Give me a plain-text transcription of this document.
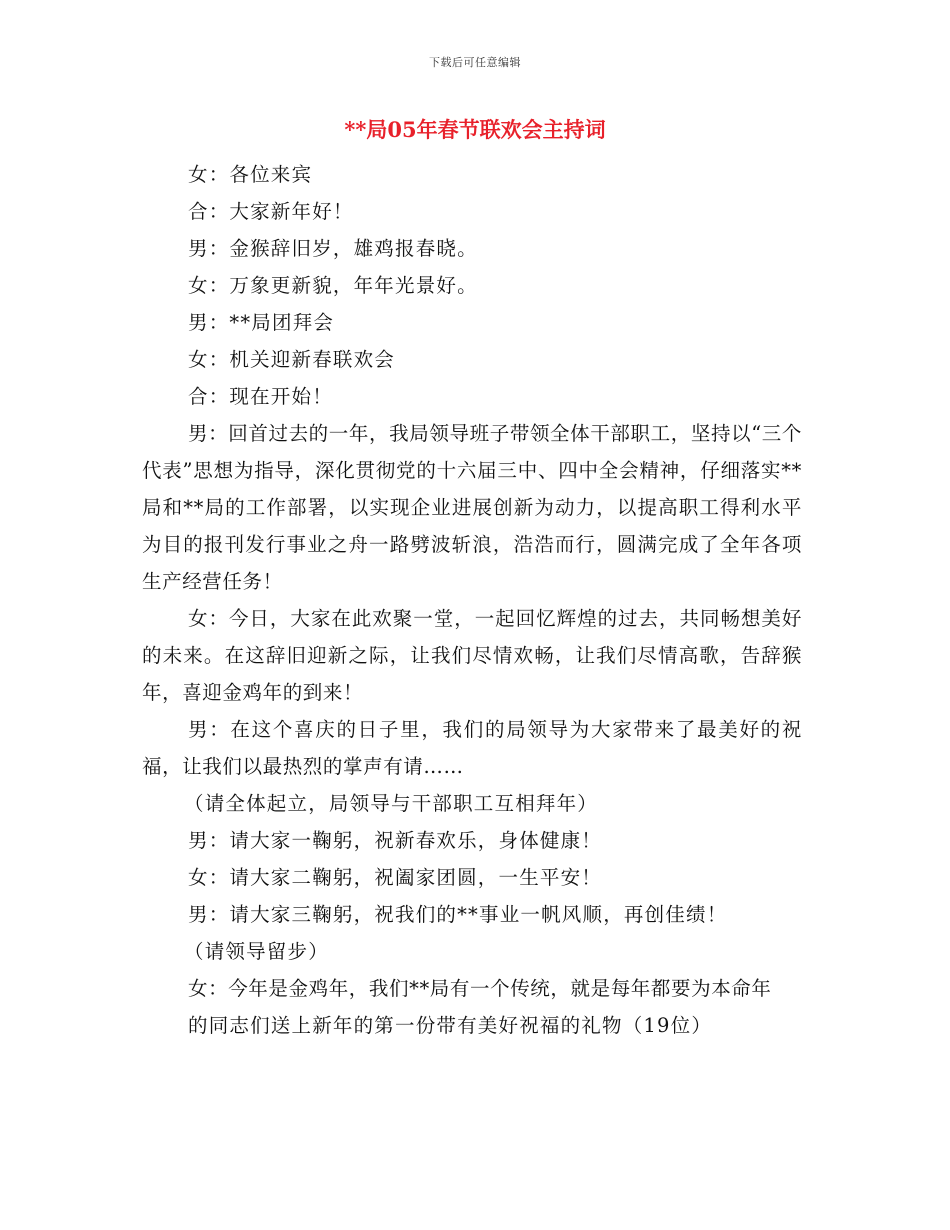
下载后可任意编辑
**局05年春节联欢会主持词

女：各位来宾

合：大家新年好！

男：金猴辞旧岁，雄鸡报春晓。

女：万象更新貌，年年光景好。

男：**局团拜会

女：机关迎新春联欢会

合：现在开始！

男：回首过去的一年，我局领导班子带领全体干部职工，坚持以“三个代表”思想为指导，深化贯彻党的十六届三中、四中全会精神，仔细落实**局和**局的工作部署，以实现企业进展创新为动力，以提高职工得利水平为目的报刊发行事业之舟一路劈波斩浪，浩浩而行，圆满完成了全年各项生产经营任务！

女：今日，大家在此欢聚一堂，一起回忆辉煌的过去，共同畅想美好的未来。在这辞旧迎新之际，让我们尽情欢畅，让我们尽情高歌，告辞猴年，喜迎金鸡年的到来！

男：在这个喜庆的日子里，我们的局领导为大家带来了最美好的祝福，让我们以最热烈的掌声有请……

（请全体起立，局领导与干部职工互相拜年）

男：请大家一鞠躬，祝新春欢乐，身体健康！

女：请大家二鞠躬，祝阖家团圆，一生平安！

男：请大家三鞠躬，祝我们的**事业一帆风顺，再创佳绩！

（请领导留步）

女：今年是金鸡年，我们**局有一个传统，就是每年都要为本命年

的同志们送上新年的第一份带有美好祝福的礼物（19位）
